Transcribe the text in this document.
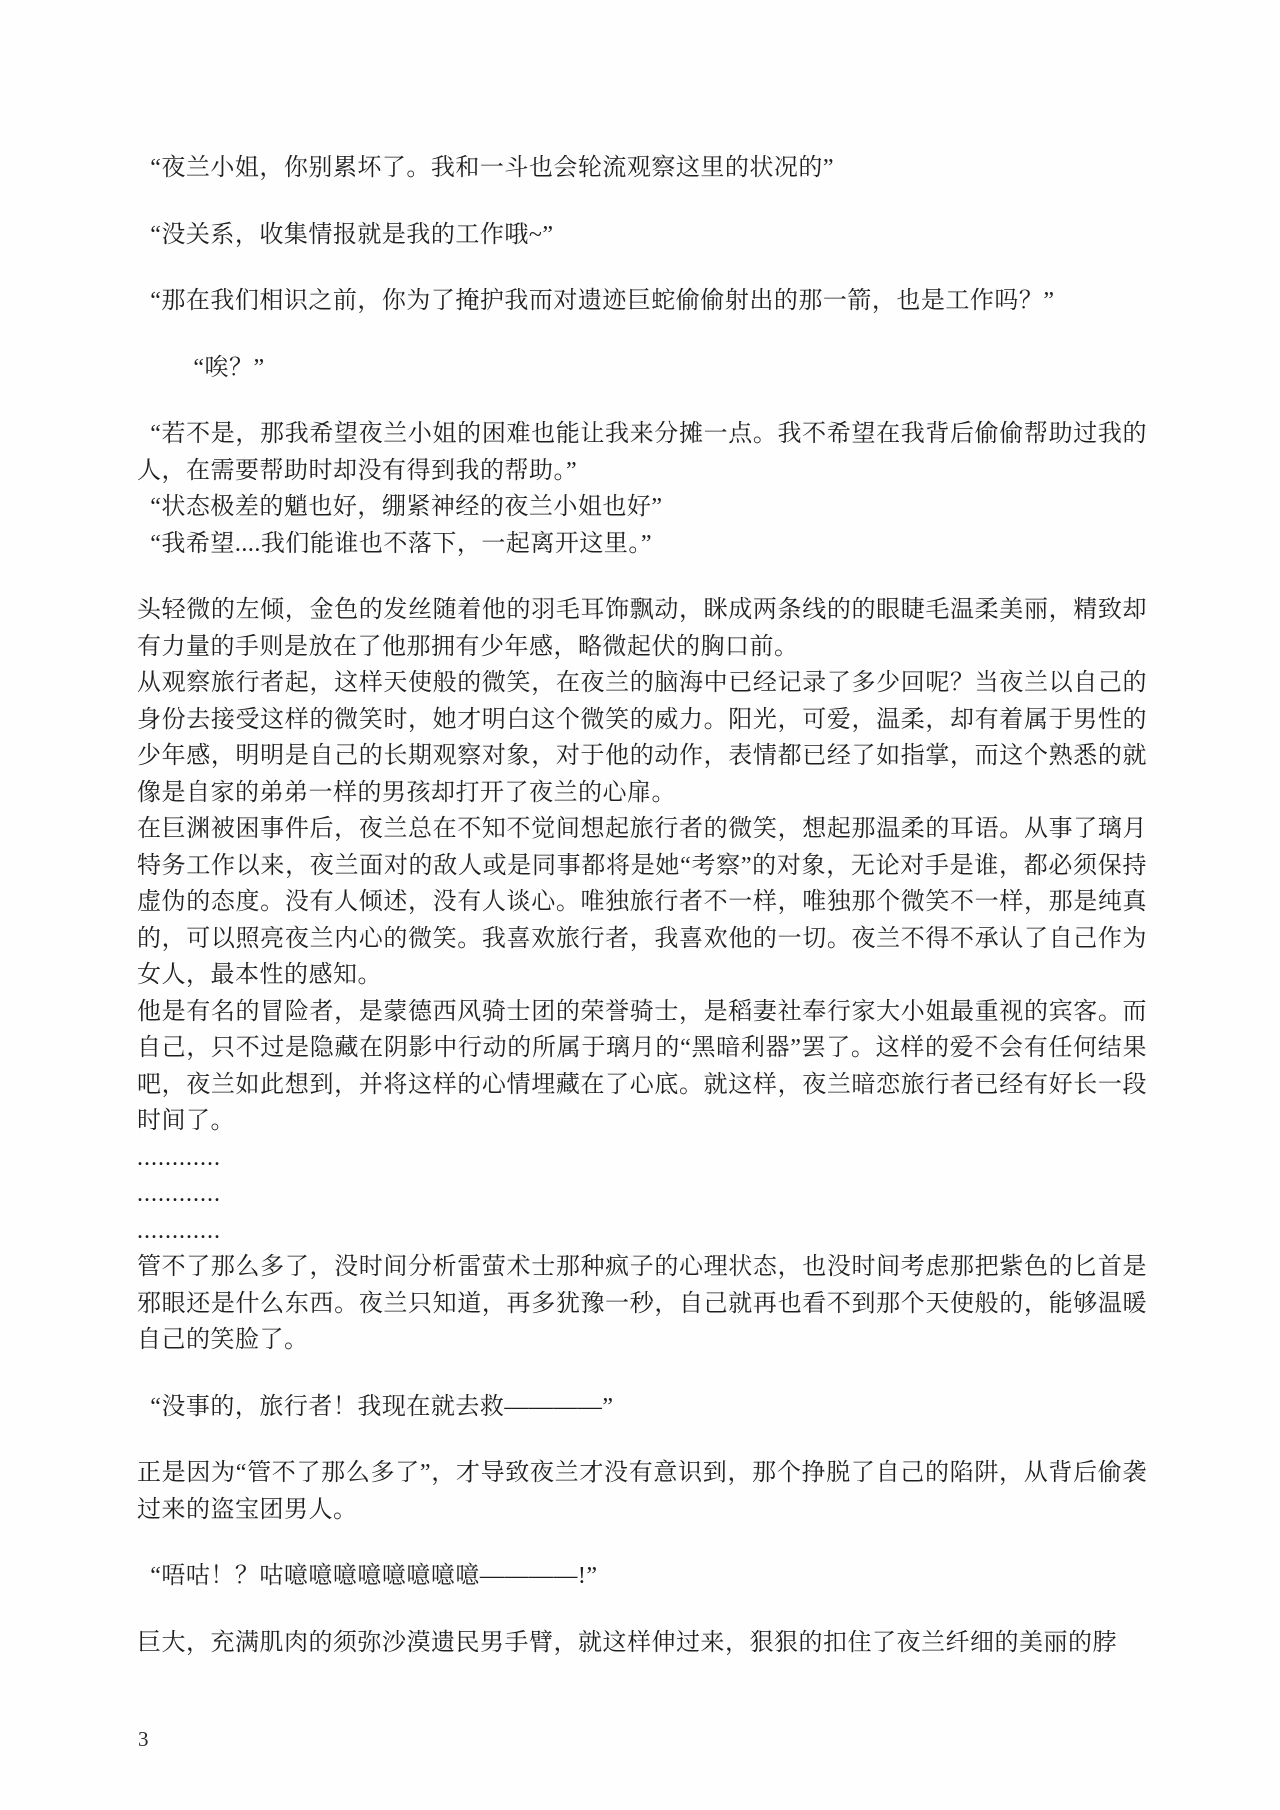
“夜兰小姐，你别累坏了。我和一斗也会轮流观察这里的状况的”

“没关系，收集情报就是我的工作哦~”

“那在我们相识之前，你为了掩护我而对遗迹巨蛇偷偷射出的那一箭，也是工作吗？”

“唉？”

“若不是，那我希望夜兰小姐的困难也能让我来分摊一点。我不希望在我背后偷偷帮助过我的人，在需要帮助时却没有得到我的帮助。”

“状态极差的魈也好，绷紧神经的夜兰小姐也好”

“我希望....我们能谁也不落下，一起离开这里。”

头轻微的左倾，金色的发丝随着他的羽毛耳饰飘动，眯成两条线的的眼睫毛温柔美丽，精致却有力量的手则是放在了他那拥有少年感，略微起伏的胸口前。

从观察旅行者起，这样天使般的微笑，在夜兰的脑海中已经记录了多少回呢？当夜兰以自己的身份去接受这样的微笑时，她才明白这个微笑的威力。阳光，可爱，温柔，却有着属于男性的少年感，明明是自己的长期观察对象，对于他的动作，表情都已经了如指掌，而这个熟悉的就像是自家的弟弟一样的男孩却打开了夜兰的心扉。

在巨渊被困事件后，夜兰总在不知不觉间想起旅行者的微笑，想起那温柔的耳语。从事了璃月特务工作以来，夜兰面对的敌人或是同事都将是她“考察”的对象，无论对手是谁，都必须保持虚伪的态度。没有人倾述，没有人谈心。唯独旅行者不一样，唯独那个微笑不一样，那是纯真的，可以照亮夜兰内心的微笑。我喜欢旅行者，我喜欢他的一切。夜兰不得不承认了自己作为女人，最本性的感知。

他是有名的冒险者，是蒙德西风骑士团的荣誉骑士，是稻妻社奉行家大小姐最重视的宾客。而自己，只不过是隐藏在阴影中行动的所属于璃月的“黑暗利器”罢了。这样的爱不会有任何结果吧，夜兰如此想到，并将这样的心情埋藏在了心底。就这样，夜兰暗恋旅行者已经有好长一段时间了。

............

............

............

管不了那么多了，没时间分析雷萤术士那种疯子的心理状态，也没时间考虑那把紫色的匕首是邪眼还是什么东西。夜兰只知道，再多犹豫一秒，自己就再也看不到那个天使般的，能够温暖自己的笑脸了。

“没事的，旅行者！我现在就去救————”

正是因为“管不了那么多了”，才导致夜兰才没有意识到，那个挣脱了自己的陷阱，从背后偷袭过来的盗宝团男人。

“唔咕！？咕噫噫噫噫噫噫噫噫————!”

巨大，充满肌肉的须弥沙漠遗民男手臂，就这样伸过来，狠狠的扣住了夜兰纤细的美丽的脖

3
